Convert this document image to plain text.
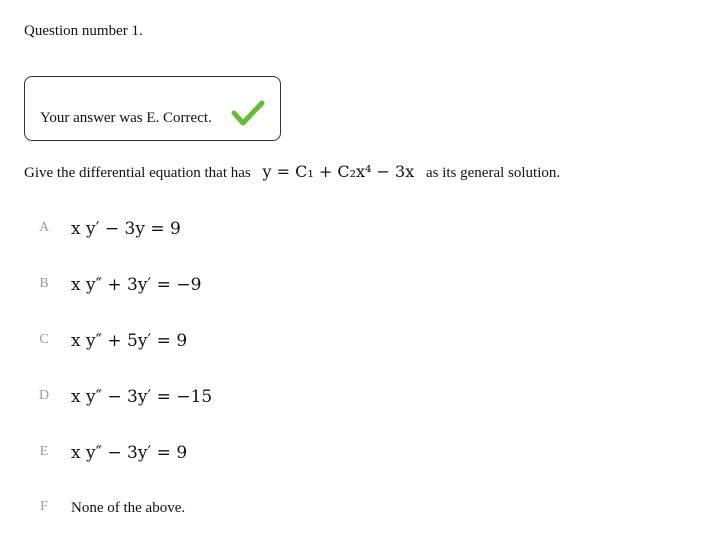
Question number 1.
Your answer was E. Correct.
Give the differential equation that has y = C₁ + C₂x⁴ − 3x as its general solution.
A x y′ − 3y = 9
B x y″ + 3y′ = −9
C x y″ + 5y′ = 9
D x y″ − 3y′ = −15
E x y″ − 3y′ = 9
F None of the above.
